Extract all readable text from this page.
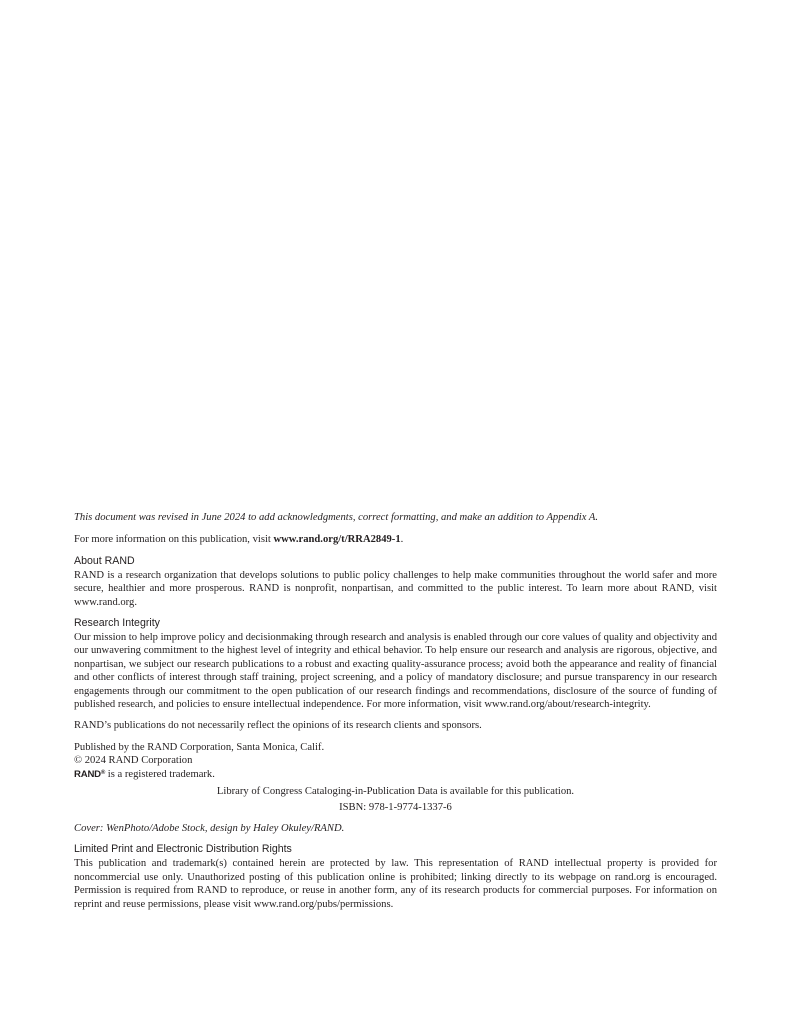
This document was revised in June 2024 to add acknowledgments, correct formatting, and make an addition to Appendix A.

For more information on this publication, visit www.rand.org/t/RRA2849-1.

About RAND

RAND is a research organization that develops solutions to public policy challenges to help make communities throughout the world safer and more secure, healthier and more prosperous. RAND is nonprofit, nonpartisan, and committed to the public interest. To learn more about RAND, visit www.rand.org.

Research Integrity

Our mission to help improve policy and decisionmaking through research and analysis is enabled through our core values of quality and objectivity and our unwavering commitment to the highest level of integrity and ethical behavior. To help ensure our research and analysis are rigorous, objective, and nonpartisan, we subject our research publications to a robust and exacting quality-assurance process; avoid both the appearance and reality of financial and other conflicts of interest through staff training, project screening, and a policy of mandatory disclosure; and pursue transparency in our research engagements through our commitment to the open publication of our research findings and recommendations, disclosure of the source of funding of published research, and policies to ensure intellectual independence. For more information, visit www.rand.org/about/research-integrity.

RAND’s publications do not necessarily reflect the opinions of its research clients and sponsors.

Published by the RAND Corporation, Santa Monica, Calif.

© 2024 RAND Corporation

RAND® is a registered trademark.

Library of Congress Cataloging-in-Publication Data is available for this publication.

ISBN: 978-1-9774-1337-6

Cover: WenPhoto/Adobe Stock, design by Haley Okuley/RAND.

Limited Print and Electronic Distribution Rights

This publication and trademark(s) contained herein are protected by law. This representation of RAND intellectual property is provided for noncommercial use only. Unauthorized posting of this publication online is prohibited; linking directly to its webpage on rand.org is encouraged. Permission is required from RAND to reproduce, or reuse in another form, any of its research products for commercial purposes. For information on reprint and reuse permissions, please visit www.rand.org/pubs/permissions.
